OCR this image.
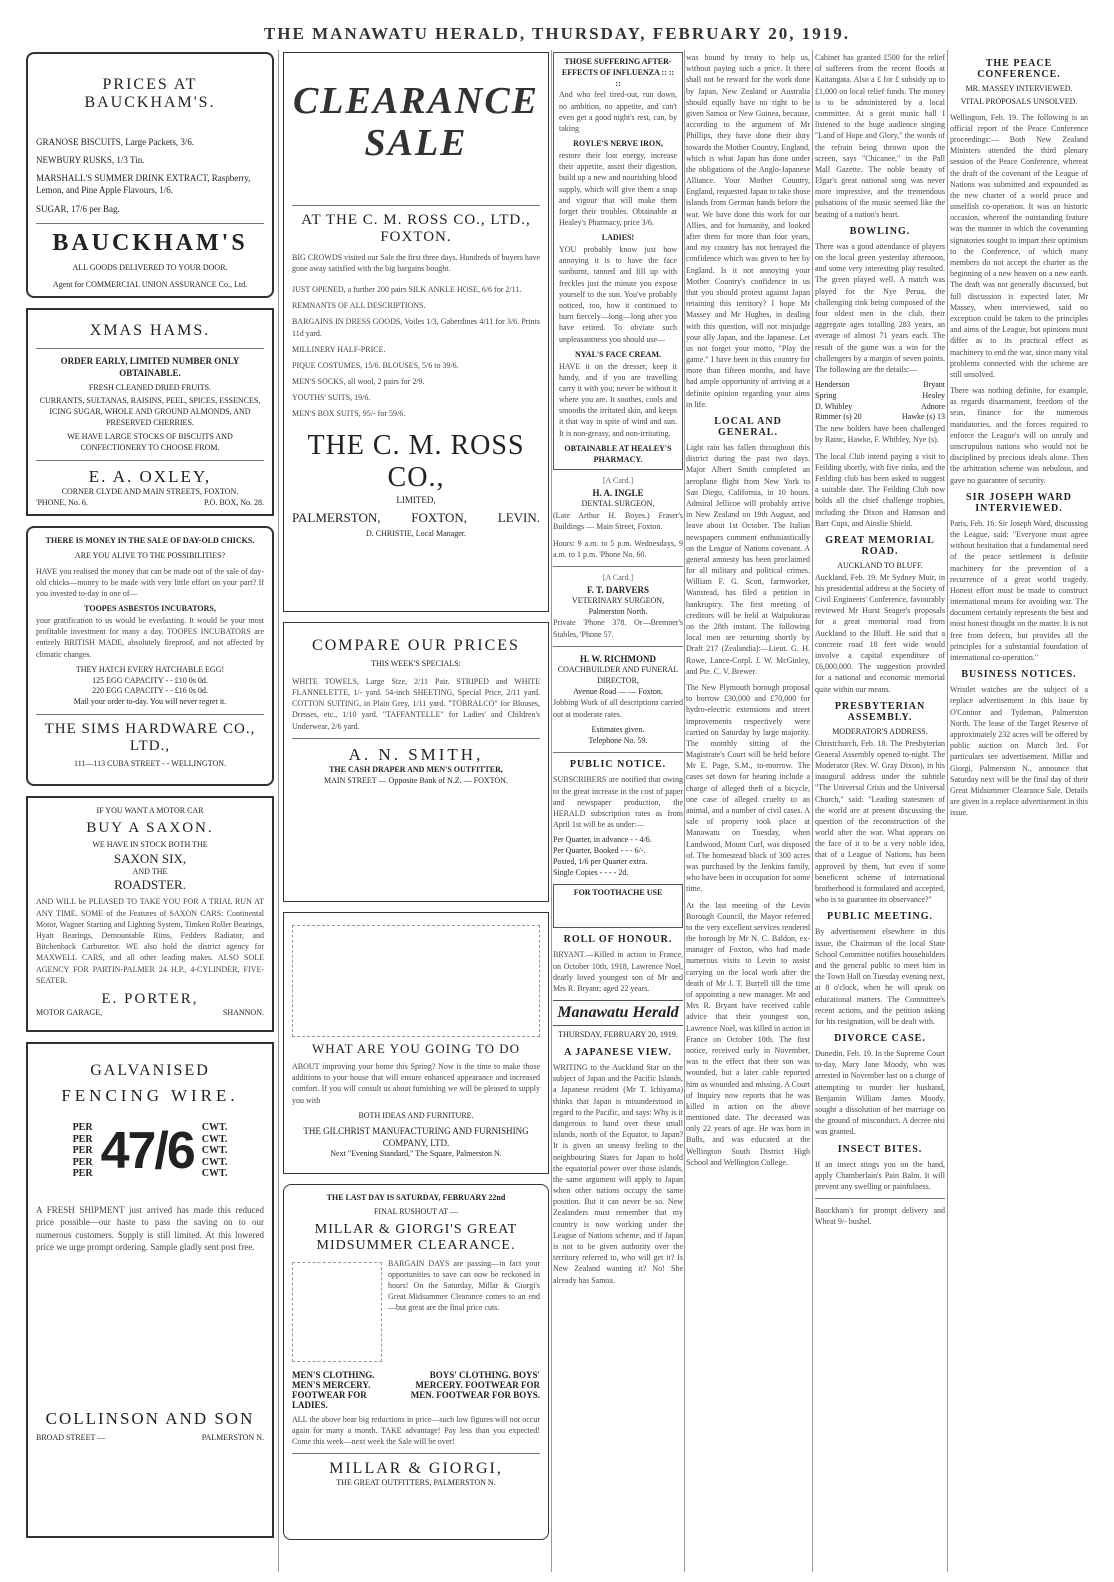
THE MANAWATU HERALD, THURSDAY, FEBRUARY 20, 1919.
PRICES AT BAUCKHAM'S.
GRANOSE BISCUITS, Large Packets, 3/6.
NEWBURY RUSKS, 1/3 Tin.
MARSHALL'S SUMMER DRINK EXTRACT, Raspberry, Lemon, and Pine Apple Flavours, 1/6.
SUGAR, 17/6 per Bag.
BAUCKHAM'S
ALL GOODS DELIVERED TO YOUR DOOR.
Agent for COMMERCIAL UNION ASSURANCE Co., Ltd.
XMAS HAMS.
ORDER EARLY, LIMITED NUMBER ONLY OBTAINABLE.
FRESH CLEANED DRIED FRUITS.
CURRANTS, SULTANAS, RAISINS, PEEL, SPICES, ESSENCES, ICING SUGAR, WHOLE AND GROUND ALMONDS, AND PRESERVED CHERRIES.
WE HAVE LARGE STOCKS OF BISCUITS AND CONFECTIONERY TO CHOOSE FROM.
E. A. OXLEY,
CORNER CLYDE AND MAIN STREETS, FOXTON.
'PHONE, No. 6.	P.O. BOX, No. 28.
THERE IS MONEY IN THE SALE OF DAY-OLD CHICKS.
ARE YOU ALIVE TO THE POSSIBILITIES?
HAVE you realised the money that can be made out of the sale of day-old chicks—money to be made with very little effort on your part? If you invested to-day in one of—
TOOPES ASBESTOS INCUBATORS,
your gratification to us would be everlasting. It would be your most profitable investment for many a day. TOOPES INCUBATORS are entirely BRITISH MADE, absolutely fireproof, and not affected by climatic changes.
THEY HATCH EVERY HATCHABLE EGG!
125 EGG CAPACITY - - £10 0s 0d.
220 EGG CAPACITY - - £16 0s 0d.
Mail your order to-day. You will never regret it.
THE SIMS HARDWARE CO., LTD.,
111—113 CUBA STREET - - WELLINGTON.
IF YOU WANT A MOTOR CAR
BUY A SAXON.
WE HAVE IN STOCK BOTH THE
SAXON SIX,
AND THE
ROADSTER.
AND WILL be PLEASED TO TAKE YOU FOR A TRIAL RUN AT ANY TIME. SOME of the Features of SAXON CARS: Continental Motor, Wagner Starting and Lighting System, Timken Roller Bearings, Hyatt Bearings, Demountable Rims, Fedders Radiator, and Bitchenback Carburettor. WE also hold the district agency for MAXWELL CARS, and all other leading makes. ALSO SOLE AGENCY FOR PARTIN-PALMER 24 H.P., 4-CYLINDER, FIVE-SEATER.
E. PORTER,
MOTOR GARAGE,	SHANNON.
GALVANISED
FENCING WIRE.
PER
PER
PER
PER
PER 47/6 CWT.
CWT.
CWT.
CWT.
CWT.
A FRESH SHIPMENT just arrived has made this reduced price possible—our haste to pass the saving on to our numerous customers. Supply is still limited. At this lowered price we urge prompt ordering. Sample gladly sent post free.
COLLINSON AND SON
BROAD STREET —	PALMERSTON N.
CLEARANCE SALE
AT THE C. M. ROSS CO., LTD., FOXTON.
BIG CROWDS visited our Sale the first three days. Hundreds of buyers have gone away satisfied with the big bargains bought.
JUST OPENED, a further 200 pairs SILK ANKLE HOSE, 6/6 for 2/11.
REMNANTS OF ALL DESCRIPTIONS.
BARGAINS IN DRESS GOODS, Voiles 1/3, Gaberdines 4/11 for 3/6. Prints 11d yard.
MILLINERY HALF-PRICE.
PIQUE COSTUMES, 15/6. BLOUSES, 5/6 to 39/6.
MEN'S SOCKS, all wool, 2 pairs for 2/9.
YOUTHS' SUITS, 19/6.
MEN'S BOX SUITS, 95/- for 59/6.
THE C. M. ROSS CO.,
LIMITED,
PALMERSTON, FOXTON, LEVIN.
D. CHRISTIE, Local Manager.
COMPARE OUR PRICES
THIS WEEK'S SPECIALS:
WHITE TOWELS, Large Size, 2/11 Pair. STRIPED and WHITE FLANNELETTE, 1/- yard. 54-inch SHEETING, Special Price, 2/11 yard. COTTON SUITING, in Plain Grey, 1/11 yard. "TOBRALCO" for Blouses, Dresses, etc., 1/10 yard. "TAFFANTELLE" for Ladies' and Children's Underwear, 2/6 yard.
A. N. SMITH,
THE CASH DRAPER AND MEN'S OUTFITTER,
MAIN STREET — Opposite Bank of N.Z. — FOXTON.
WHAT ARE YOU GOING TO DO
ABOUT improving your home this Spring? Now is the time to make those additions to your house that will ensure enhanced appearance and increased comfort. If you will consult us about furnishing we will be pleased to supply you with
BOTH IDEAS AND FURNITURE.
THE GILCHRIST MANUFACTURING AND FURNISHING COMPANY, LTD.
Next "Evening Standard," The Square, Palmerston N.
THE LAST DAY IS SATURDAY, FEBRUARY 22nd
FINAL RUSHOUT AT —
MILLAR & GIORGI'S GREAT MIDSUMMER CLEARANCE.
BARGAIN DAYS are passing—in fact your opportunities to save can now be reckoned in hours! On the Saturday, Millar & Giorgi's Great Midsummer Clearance comes to an end—but great are the final price cuts.
MEN'S CLOTHING. MEN'S MERCERY. FOOTWEAR FOR LADIES.
BOYS' CLOTHING. BOYS' MERCERY. FOOTWEAR FOR MEN. FOOTWEAR FOR BOYS.
ALL the above bear big reductions in price—such low figures will not occur again for many a month. TAKE advantage! Pay less than you expected! Come this week—next week the Sale will be over!
MILLAR & GIORGI,
THE GREAT OUTFITTERS, PALMERSTON N.
THOSE SUFFERING AFTER-EFFECTS OF INFLUENZA :: :: ::
And who feel tired-out, run down, no ambition, no appetite, and can't even get a good night's rest, can, by taking
ROYLE'S NERVE IRON,
restore their lost energy, increase their appetite, assist their digestion, build up a new and nourishing blood supply, which will give them a snap and vigour that will make them forget their troubles. Obtainable at Healey's Pharmacy, price 3/6.
LADIES!
YOU probably know just how annoying it is to have the face sunburnt, tanned and fill up with freckles just the minute you expose yourself to the sun. You've probably noticed, too, how it continued to burn fiercely—long—long after you have retired. To obviate such unpleasantness you should use—
NYAL'S FACE CREAM.
HAVE it on the dresser, keep it handy, and if you are travelling carry it with you; never be without it where you are. It soothes, cools and smooths the irritated skin, and keeps it that way in spite of wind and sun. It is non-greasy, and non-irritating.
OBTAINABLE AT HEALEY'S PHARMACY.
[A Card.]
H. A. INGLE
DENTAL SURGEON,
(Late Arthur H. Boyes.) Fraser's Buildings — Main Street, Foxton.
Hours: 9 a.m. to 5 p.m. Wednesdays, 9 a.m. to 1 p.m. 'Phone No. 60.
[A Card.]
F. T. DARVERS
VETERINARY SURGEON,
Palmerston North.
Private 'Phone 378. Or—Bremner's Stables, 'Phone 57.
H. W. RICHMOND
COACHBUILDER AND FUNERAL DIRECTOR,
Avenue Road — — Foxton.
Jobbing Work of all descriptions carried out at moderate rates.
Estimates given.
Telephone No. 59.
PUBLIC NOTICE.
SUBSCRIBERS are notified that owing to the great increase in the cost of paper and newspaper production, the HERALD subscription rates as from April 1st will be as under:—
Per Quarter, in advance - - 4/6.
Per Quarter, Booked - - - 6/-.
Posted, 1/6 per Quarter extra.
Single Copies - - - - 2d.
FOR TOOTHACHE USE
ROLL OF HONOUR.
BRYANT.—Killed in action in France, on October 10th, 1918, Lawrence Noel, dearly loved youngest son of Mr and Mrs R. Bryant; aged 22 years.
Manawatu Herald
THURSDAY, FEBRUARY 20, 1919.
A JAPANESE VIEW.
WRITING to the Auckland Star on the subject of Japan and the Pacific Islands, a Japanese resident (Mr T. Ichiyama) thinks that Japan is misunderstood in regard to the Pacific, and says: Why is it dangerous to hand over these small islands, north of the Equator, to Japan? It is given an uneasy feeling to the neighbouring States for Japan to hold the equatorial power over those islands, the same argument will apply to Japan when other nations occupy the same position. But it can never be so. New Zealanders must remember that my country is now working under the League of Nations scheme, and if Japan is not to be given authority over the territory referred to, who will get it? Is New Zealand wanting it? No! She already has Samoa.
was bound by treaty to help us, without paying such a price. It there shall not be reward for the work done by Japan, New Zealand or Australia should equally have no right to be given Samoa or New Guinea, because, according to the argument of Mr Phillips, they have done their duty towards the Mother Country, England, which is what Japan has done under the obligations of the Anglo-Japanese Alliance. Your Mother Country, England, requested Japan to take those islands from German hands before the war. We have done this work for our Allies, and for humanity, and looked after them for more than four years, and my country has not betrayed the confidence which was given to her by England. Is it not annoying your Mother Country's confidence in us that you should protest against Japan retaining this territory? I hope Mr Massey and Mr Hughes, in dealing with this question, will not misjudge your ally Japan, and the Japanese. Let us not forget your motto, "Play the game." I have been in this country for more than fifteen months, and have had ample opportunity of arriving at a definite opinion regarding your aims in life.
LOCAL AND GENERAL.
Light rain has fallen throughout this district during the past two days. Major Albert Smith completed an aeroplane flight from New York to San Diego, California, in 10 hours. Admiral Jellicoe will probably arrive in New Zealand on 19th August, and leave about 1st October. The Italian newspapers comment enthusiastically on the League of Nations covenant. A general amnesty has been proclaimed for all military and political crimes. William F. G. Scott, farmworker, Wanstead, has filed a petition in bankruptcy. The first meeting of creditors will be held at Waipukurau on the 28th instant. The following local men are returning shortly by Draft 217 (Zealandia):—Lieut. G. H. Rowe, Lance-Corpl. J. W. McGinley, and Pte. C. V. Brewer.
The New Plymouth borough proposal to borrow £30,000 and £70,000 for hydro-electric extensions and street improvements respectively were carried on Saturday by large majority. The monthly sitting of the Magistrate's Court will be held before Mr E. Page, S.M., to-morrow. The cases set down for hearing include a charge of alleged theft of a bicycle, one case of alleged cruelty to an animal, and a number of civil cases. A sale of property took place at Manawatu on Tuesday, when Landwood, Mount Curl, was disposed of. The homestead block of 300 acres was purchased by the Jenkins family, who have been in occupation for some time.
At the last meeting of the Levin Borough Council, the Mayor referred to the very excellent services rendered the borough by Mr N. C. Baldon, ex-manager of Foxton, who had made numerous visits to Levin to assist carrying on the local work after the death of Mr J. T. Burrell till the time of appointing a new manager. Mr and Mrs R. Bryant have received cable advice that their youngest son, Lawrence Noel, was killed in action in France on October 10th. The first notice, received early in November, was to the effect that their son was wounded, but a later cable reported him as wounded and missing. A Court of Inquiry now reports that he was killed in action on the above mentioned date. The deceased was only 22 years of age. He was born in Bulls, and was educated at the Wellington South District High School and Wellington College.
Cabinet has granted £500 for the relief of sufferers from the recent floods at Kaitangata. Also a £ for £ subsidy up to £1,000 on local relief funds. The money is to be administered by a local committee. At a great music hall I listened to the huge audience singing "Land of Hope and Glory," the words of the refrain being thrown upon the screen, says "Chicanee," in the Pall Mall Gazette. The noble beauty of Elgar's great national song was never more impressive, and the tremendous pulsations of the music seemed like the beating of a nation's heart.
BOWLING.
There was a good attendance of players on the local green yesterday afternoon, and some very interesting play resulted. The green played well. A match was played for the Nye Perua, the challenging rink being composed of the four oldest men in the club, their aggregate ages totalling 283 years, an average of almost 71 years each. The result of the game was a win for the challengers by a margin of seven points. The following are the details:—
Henderson	Bryant
Spring	Healey
D. Whibley	Adnore
Rimmer (s) 20	Hawke (s) 13
The new holders have been challenged by Rainc, Hawke, F. Whibley, Nye (s).
The local Club intend paying a visit to Feilding shortly, with five rinks, and the Feilding club has been asked to suggest a suitable date. The Feilding Club now holds all the chief challenge trophies, including the Dixon and Hamson and Barr Cups, and Ainslie Shield.
GREAT MEMORIAL ROAD.
AUCKLAND TO BLUFF.
Auckland, Feb. 19. Mr Sydney Muir, in his presidential address at the Society of Civil Engineers' Conference, favourably reviewed Mr Hurst Seager's proposals for a great memorial road from Auckland to the Bluff. He said that a concrete road 18 feet wide would involve a capital expenditure of £6,000,000. The suggestion provided for a national and economic memorial quite within our means.
PRESBYTERIAN ASSEMBLY.
MODERATOR'S ADDRESS.
Christchurch, Feb. 18. The Presbyterian General Assembly opened to-night. The Moderator (Rev. W. Gray Dixon), in his inaugural address under the subtitle "The Universal Crisis and the Universal Church," said: "Leading statesmen of the world are at present discussing the question of the reconstruction of the world after the war. What appears on the face of it to be a very noble idea, that of a League of Nations, has been approved by them, but even if some beneficent scheme of international brotherhood is formulated and accepted, who is to guarantee its observance?"
PUBLIC MEETING.
By advertisement elsewhere in this issue, the Chairman of the local State School Committee notifies householders and the general public to meet him in the Town Hall on Tuesday evening next, at 8 o'clock, when he will speak on educational matters. The Committee's recent actions, and the petition asking for his resignation, will be dealt with.
DIVORCE CASE.
Dunedin, Feb. 19. In the Supreme Court to-day, Mary Jane Moody, who was arrested in November last on a charge of attempting to murder her husband, Benjamin William James Moody, sought a dissolution of her marriage on the ground of misconduct. A decree nisi was granted.
INSECT BITES.
If an insect stings you on the hand, apply Chamberlain's Pain Balm. It will prevent any swelling or painfulness.
Bauckham's for prompt delivery and Wheat 9/- bushel.
THE PEACE CONFERENCE.
MR. MASSEY INTERVIEWED.
VITAL PROPOSALS UNSOLVED.
Wellington, Feb. 19. The following is an official report of the Peace Conference proceedings:— Both New Zealand Ministers attended the third plenary session of the Peace Conference, whereat the draft of the covenant of the League of Nations was submitted and expounded as the new charter of a world peace and unselfish co-operation. It was an historic occasion, whereof the outstanding feature was the manner in which the covenanting signatories sought to impart their optimism to the Conference, of which many members do not accept the charter as the beginning of a new heaven on a new earth. The draft was not generally discussed, but full discussion is expected later. Mr Massey, when interviewed, said no exception could be taken to the principles and aims of the League, but opinions must differ as to its practical effect as machinery to end the war, since many vital problems connected with the scheme are still unsolved.
There was nothing definite, for example, as regards disarmament, freedom of the seas, finance for the numerous mandatories, and the forces required to enforce the League's will on unruly and unscrupulous nations who would not be disciplined by precious ideals alone. Then the arbitration scheme was nebulous, and gave no guarantee of security.
SIR JOSEPH WARD INTERVIEWED.
Paris, Feb. 16. Sir Joseph Ward, discussing the League, said: "Everyone must agree without hesitation that a fundamental need of the peace settlement is definite machinery for the prevention of a recurrence of a great world tragedy. Honest effort must be made to construct international means for avoiding war. The document certainly represents the best and most honest thought on the matter. It is not free from defects, but provides all the principles for a substantial foundation of international co-operation."
BUSINESS NOTICES.
Wristlet watches are the subject of a replace advertisement in this issue by O'Connor and Tydeman, Palmerston North. The lease of the Target Reserve of approximately 232 acres will be offered by public auction on March 3rd. For particulars see advertisement. Millar and Giorgi, Palmerston N., announce that Saturday next will be the final day of their Great Midsummer Clearance Sale. Details are given in a replace advertisement in this issue.
